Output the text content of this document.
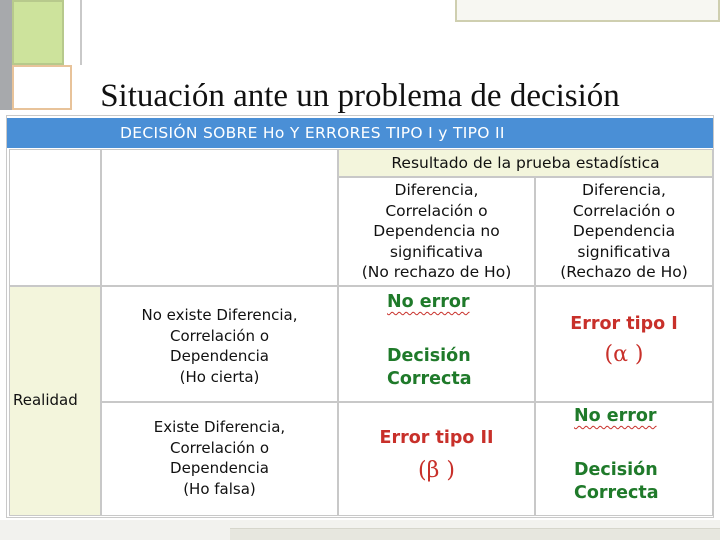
Situación ante un problema de decisión
DECISIÓN SOBRE Ho Y ERRORES TIPO I y TIPO II
Resultado de la prueba estadística
Diferencia,
Correlación o
Dependencia no
significativa
(No rechazo de Ho)
Diferencia,
Correlación o
Dependencia
significativa
(Rechazo de Ho)
Realidad
No existe Diferencia,
Correlación o
Dependencia
(Ho cierta)
Existe Diferencia,
Correlación o
Dependencia
(Ho falsa)
No error
Decisión
Correcta
Error tipo I
(α )
Error tipo II
(β )
No error
Decisión
Correcta
